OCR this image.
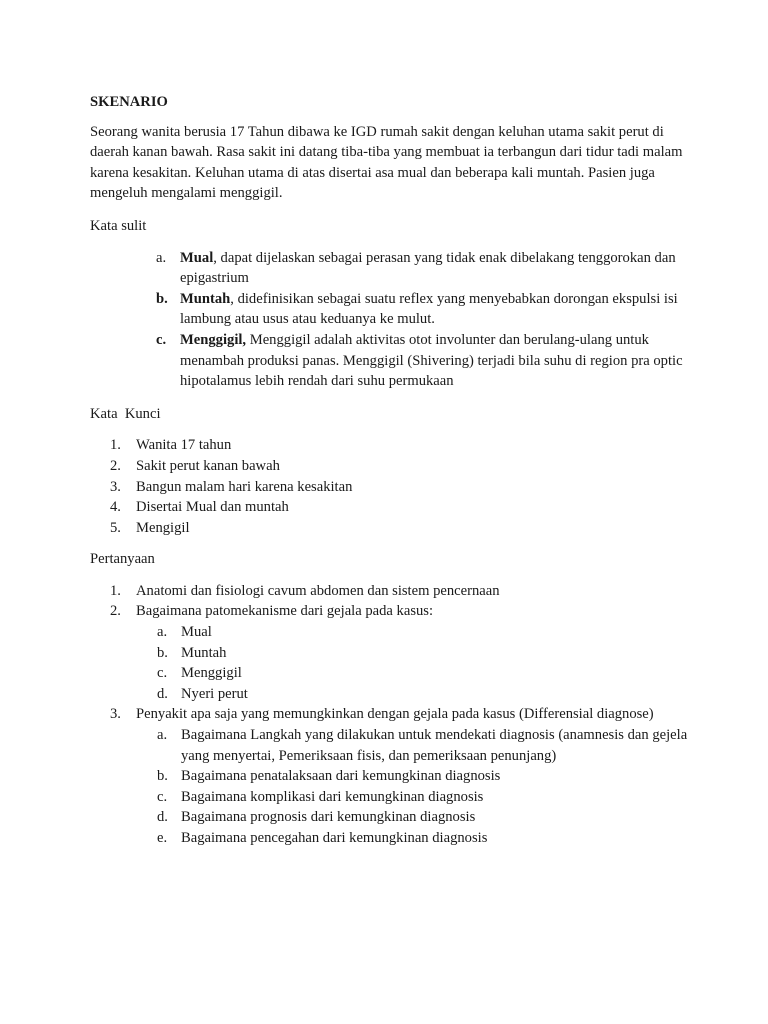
SKENARIO

Seorang wanita berusia 17 Tahun dibawa ke IGD rumah sakit dengan keluhan utama sakit perut di daerah kanan bawah. Rasa sakit ini datang tiba-tiba yang membuat ia terbangun dari tidur tadi malam karena kesakitan. Keluhan utama di atas disertai asa mual dan beberapa kali muntah. Pasien juga mengeluh mengalami menggigil.

Kata sulit

a. Mual, dapat dijelaskan sebagai perasan yang tidak enak dibelakang tenggorokan dan epigastrium
b. Muntah, didefinisikan sebagai suatu reflex yang menyebabkan dorongan ekspulsi isi lambung atau usus atau keduanya ke mulut.
c. Menggigil, Menggigil adalah aktivitas otot involunter dan berulang-ulang untuk menambah produksi panas. Menggigil (Shivering) terjadi bila suhu di region pra optic hipotalamus lebih rendah dari suhu permukaan

Kata  Kunci

1. Wanita 17 tahun
2. Sakit perut kanan bawah
3. Bangun malam hari karena kesakitan
4. Disertai Mual dan muntah
5. Mengigil

Pertanyaan

1. Anatomi dan fisiologi cavum abdomen dan sistem pencernaan
2. Bagaimana patomekanisme dari gejala pada kasus:
a. Mual
b. Muntah
c. Menggigil
d. Nyeri perut
3. Penyakit apa saja yang memungkinkan dengan gejala pada kasus (Differensial diagnose)
a. Bagaimana Langkah yang dilakukan untuk mendekati diagnosis (anamnesis dan gejela yang menyertai, Pemeriksaan fisis, dan pemeriksaan penunjang)
b. Bagaimana penatalaksaan dari kemungkinan diagnosis
c. Bagaimana komplikasi dari kemungkinan diagnosis
d. Bagaimana prognosis dari kemungkinan diagnosis
e. Bagaimana pencegahan dari kemungkinan diagnosis
